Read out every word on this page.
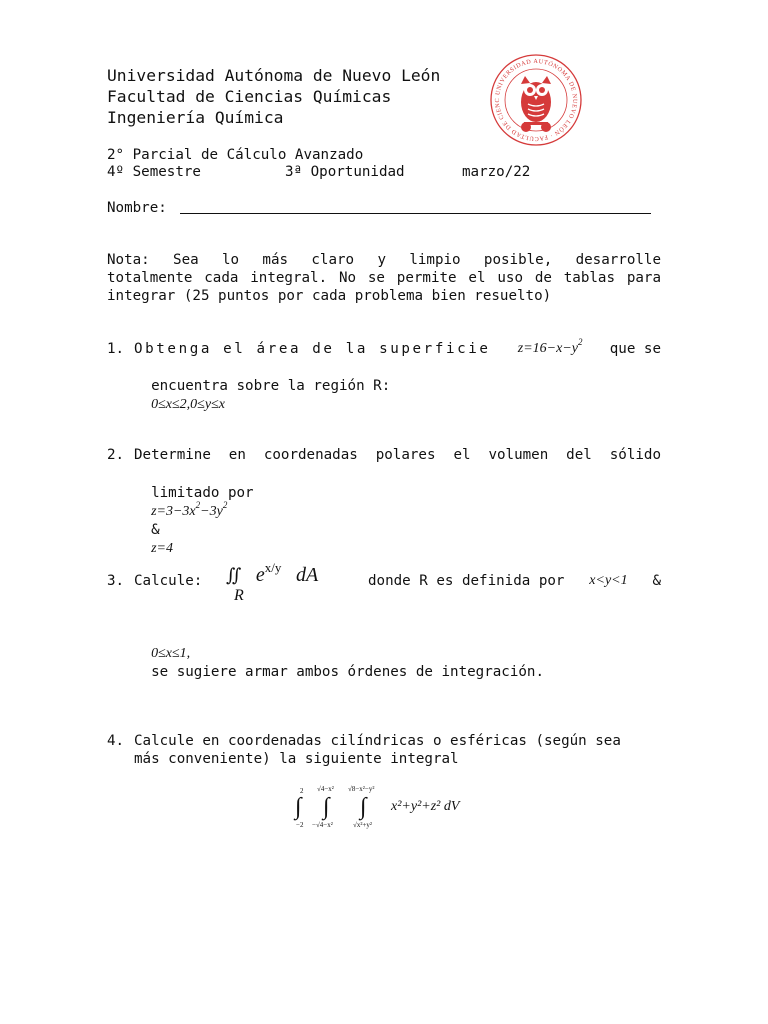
Universidad Autónoma de Nuevo León
Facultad de Ciencias Químicas
Ingeniería Química
UNIVERSIDAD AUTÓNOMA DE NUEVO LEÓN · FACULTAD DE CIENC
2° Parcial de Cálculo Avanzado
4º Semestre	3ª Oportunidad	marzo/22
Nombre:
Nota: Sea lo más claro y limpio posible, desarrolle
totalmente cada integral. No se permite el uso de tablas para
integrar (25 puntos por cada problema bien resuelto)
1. Obtenga el área de la superficie $z=16-x-y^2$ que se

encuentra sobre la región R:
0≤x≤2,0≤y≤x

2. Determine en coordenadas polares el volumen del sólido

limitado por
$z=3-3x^2-3y^2$
&
z=4

3. Calcule: ∬ $e^{x/y}$ dA
R
donde R es definida por x<y<1 &

0≤x≤1,
se sugiere armar ambos órdenes de integración.

4. Calcule en coordenadas cilíndricas o esféricas (según sea
más conveniente) la siguiente integral
2
∫
−2
√4−x²
∫
−√4−x²
√8−x²−y²
∫
√x²+y²
x²+y²+z² dV
